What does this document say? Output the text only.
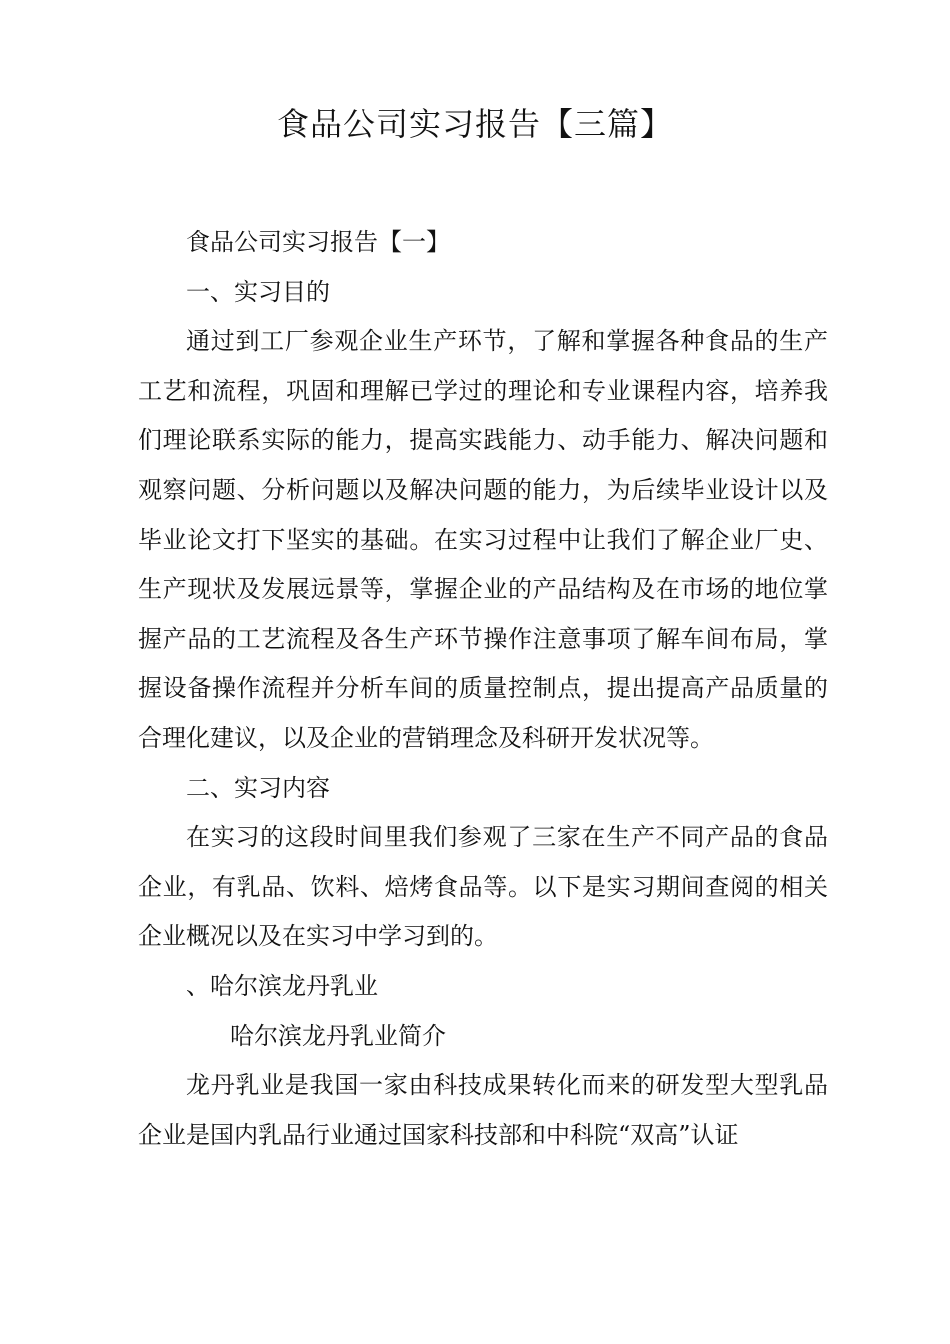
食品公司实习报告【三篇】

食品公司实习报告【一】

一、实习目的

通过到工厂参观企业生产环节，了解和掌握各种食品的生产工艺和流程，巩固和理解已学过的理论和专业课程内容，培养我们理论联系实际的能力，提高实践能力、动手能力、解决问题和观察问题、分析问题以及解决问题的能力，为后续毕业设计以及毕业论文打下坚实的基础。在实习过程中让我们了解企业厂史、生产现状及发展远景等，掌握企业的产品结构及在市场的地位掌握产品的工艺流程及各生产环节操作注意事项了解车间布局，掌握设备操作流程并分析车间的质量控制点，提出提高产品质量的合理化建议，以及企业的营销理念及科研开发状况等。

二、实习内容

在实习的这段时间里我们参观了三家在生产不同产品的食品企业，有乳品、饮料、焙烤食品等。以下是实习期间查阅的相关企业概况以及在实习中学习到的。

、哈尔滨龙丹乳业

哈尔滨龙丹乳业简介

龙丹乳业是我国一家由科技成果转化而来的研发型大型乳品企业是国内乳品行业通过国家科技部和中科院“双高”认证
